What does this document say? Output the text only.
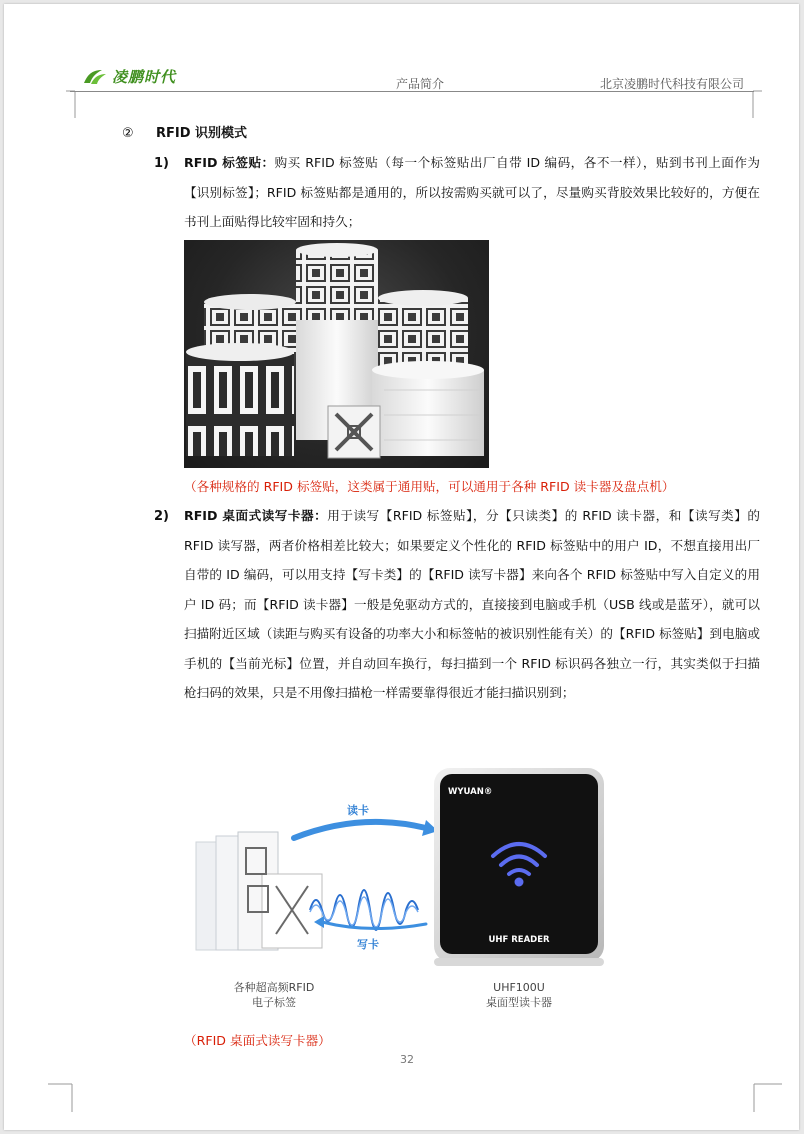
凌鹏时代	产品简介	北京凌鹏时代科技有限公司
② RFID 识别模式
1) RFID 标签贴：购买 RFID 标签贴（每一个标签贴出厂自带 ID 编码，各不一样），贴到书刊上面作为【识别标签】；RFID 标签贴都是通用的，所以按需购买就可以了，尽量购买背胶效果比较好的，方便在书刊上面贴得比较牢固和持久；
（各种规格的 RFID 标签贴，这类属于通用贴，可以通用于各种 RFID 读卡器及盘点机）
2) RFID 桌面式读写卡器：用于读写【RFID 标签贴】，分【只读类】的 RFID 读卡器，和【读写类】的 RFID 读写器，两者价格相差比较大；如果要定义个性化的 RFID 标签贴中的用户 ID，不想直接用出厂自带的 ID 编码，可以用支持【写卡类】的【RFID 读写卡器】来向各个 RFID 标签贴中写入自定义的用户 ID 码；而【RFID 读卡器】一般是免驱动方式的，直接接到电脑或手机（USB 线或是蓝牙），就可以扫描附近区域（读距与购买有设备的功率大小和标签帖的被识别性能有关）的【RFID 标签贴】到电脑或手机的【当前光标】位置，并自动回车换行，每扫描到一个 RFID 标识码各独立一行，其实类似于扫描枪扫码的效果，只是不用像扫描枪一样需要靠得很近才能扫描识别到；
读卡
写卡
WYUAN®
UHF READER
各种超高频RFID
电子标签
UHF100U
桌面型读卡器
（RFID 桌面式读写卡器）
32
